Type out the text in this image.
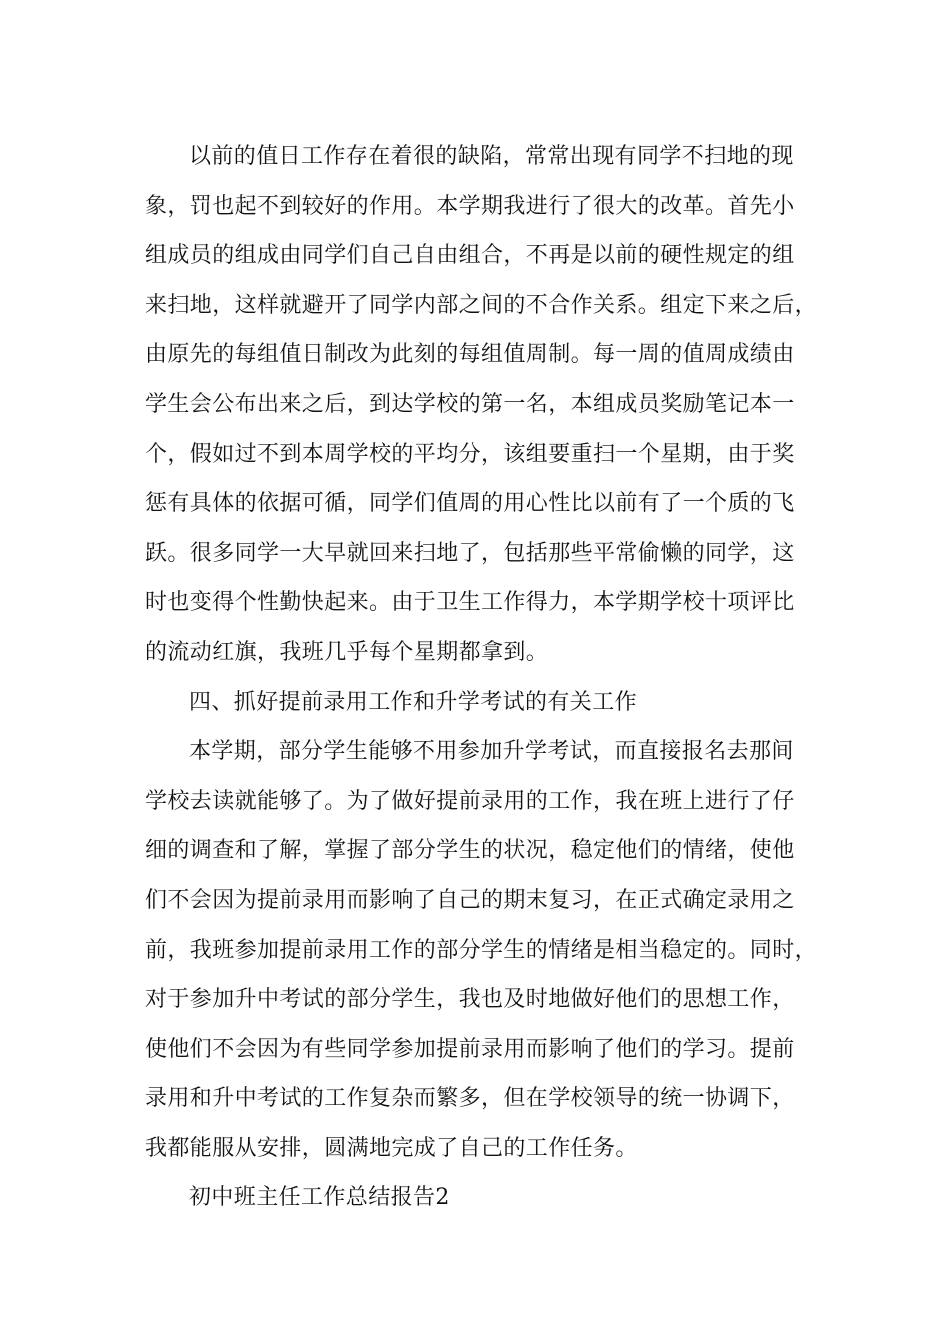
以前的值日工作存在着很的缺陷，常常出现有同学不扫地的现
象，罚也起不到较好的作用。本学期我进行了很大的改革。首先小
组成员的组成由同学们自己自由组合，不再是以前的硬性规定的组
来扫地，这样就避开了同学内部之间的不合作关系。组定下来之后，
由原先的每组值日制改为此刻的每组值周制。每一周的值周成绩由
学生会公布出来之后，到达学校的第一名，本组成员奖励笔记本一
个，假如过不到本周学校的平均分，该组要重扫一个星期，由于奖
惩有具体的依据可循，同学们值周的用心性比以前有了一个质的飞
跃。很多同学一大早就回来扫地了，包括那些平常偷懒的同学，这
时也变得个性勤快起来。由于卫生工作得力，本学期学校十项评比
的流动红旗，我班几乎每个星期都拿到。
四、抓好提前录用工作和升学考试的有关工作
本学期，部分学生能够不用参加升学考试，而直接报名去那间
学校去读就能够了。为了做好提前录用的工作，我在班上进行了仔
细的调查和了解，掌握了部分学生的状况，稳定他们的情绪，使他
们不会因为提前录用而影响了自己的期末复习，在正式确定录用之
前，我班参加提前录用工作的部分学生的情绪是相当稳定的。同时，
对于参加升中考试的部分学生，我也及时地做好他们的思想工作，
使他们不会因为有些同学参加提前录用而影响了他们的学习。提前
录用和升中考试的工作复杂而繁多，但在学校领导的统一协调下，
我都能服从安排，圆满地完成了自己的工作任务。
初中班主任工作总结报告2
